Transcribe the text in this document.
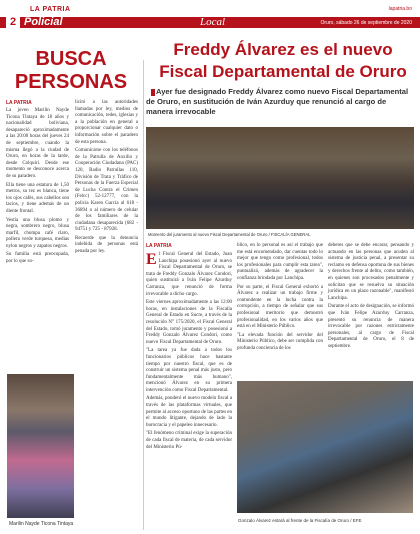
2
LA PATRIA
Policial	Local
lapatria.bo
Oruro, sábado 26 de septiembre de 2020
BUSCA PERSONAS
LA PATRIA

La joven Marilin Nayde Ticona Tintaya de 18 años y nacionalidad boliviana, desapareció aproximadamente a las 20:00 horas del jueves 24 de septiembre, cuando la misma llegó a la ciudad de Oruro, en horas de la tarde, desde Colquiri. Desde ese momento se desconoce acerca de su paradero.

Ella tiene una estatura de 1,50 metros, su tez es blanca, tiene los ojos cafés, sus cabellos son lacios, y tiene además de un diente frontal.

Vestía una blusa plomo y negra, sombrero negro, blusa marfil, chompa café claro, pollera verde turquesa, medias nylon negros y zapatos negros.

Su familia está preocupada, por lo que so-

licitó a las autoridades llamadas por ley, medios de comunicación, redes, iglesias y a la población en general a proporcionar cualquier dato o información sobre el paradero de esta persona.

Comunicarse con los teléfonos de la Patrulla de Auxilio y Cooperación Ciudadana (PAC) 120, Radio Patrullas 110, División de Trata y Tráfico de Personas de la Fuerza Especial de Lucha Contra el Crimen (Felcc) 52-12777, con la policía Karen García al 618 - 36894 o al número de celular de los familiares de la ciudadana desaparecida (682 - 94751 y 725 - 87928.

Recuerde que la denuncia indebida de personas está penada por ley.

Marilin Nayde Ticona Tintaya
Freddy Álvarez es el nuevo Fiscal Departamental de Oruro
Ayer fue designado Freddy Álvarez como nuevo Fiscal Departamental de Oruro, en sustitución de Iván Azurduy que renunció al cargo de manera irrevocable
Momento del juramento al nuevo Fiscal Departamental de Oruro / FISCALÍA GENERAL
LA PATRIA

El Fiscal General del Estado, Juan Lanchipa posesionó ayer al nuevo Fiscal Departamental de Oruro, se trata de Freddy Gonzalo Álvarez Condori, quien sustituirá a Iván Felipe Azurduy Carranza, que renunció de forma irrevocable a dicho cargo.

Este viernes aproximadamente a las 12:00 horas, en instalaciones de la Fiscalía General de Estado en Sucre, a través de la resolución N° 175/2020, el Fiscal General del Estado, tomó juramento y posesionó a Freddy Gonzalo Álvarez Condori, como nuevo Fiscal Departamental de Oruro.

"La tarea ya fue dada a todos los funcionarios públicos hace bastante tiempo por nuestro fiscal, que es de construir un sistema penal más justo, pero fundamentalmente más humano", mencionó Álvarez en su primera intervención como Fiscal Departamental.

Además, ponderó el nuevo modelo fiscal a través de las plataformas virtuales, que permite al acceso oportuno de las partes en el mundo litigante, dejando de lado la burocracia y el papeleo innecesario.

"El fenómeno criminal exige la superación de cada fiscal de materia, de cada servidor del Ministerio Pú-

blico, en lo personal es así el trabajo que me está encomendado, dar cuentas todo lo mejor que tengo como profesional, todos los profesionales para cumplir esta tarea", puntualizó, además de agradecer la confianza brindada por Lanchipa.

Por su parte, el Fiscal General exhortó a Álvarez a realizar un trabajo firme y contundente en la lucha contra la corrupción, a tiempo de señalar que sus profesional meritorio que demostró profesionalidad, en los varios años que está en el Ministerio Público.

"La elevada función del servidor del Ministerio Público, debe ser cumplida con profunda conciencia de los

deberes que se debe encarar, pensando y actuando en las personas que acuden al sistema de justicia penal, a presentar su reclamo en defensa oportuna de sus bienes y derechos frente al delito, como también, en quienes son procesados penalmente y solicitan que se resuelva su situación jurídica en un plazo razonable", manifestó Lanchipa.

Durante el acto de designación, se informó que Iván Felipe Azurduy Carranza, presentó su renuncia de manera irrevocable por razones estrictamente personales, al cargo de Fiscal Departamental de Oruro, el 8 de septiembre.

Gonzalo Álvarez estará al frente de la Fiscalía de Oruro / EFE
